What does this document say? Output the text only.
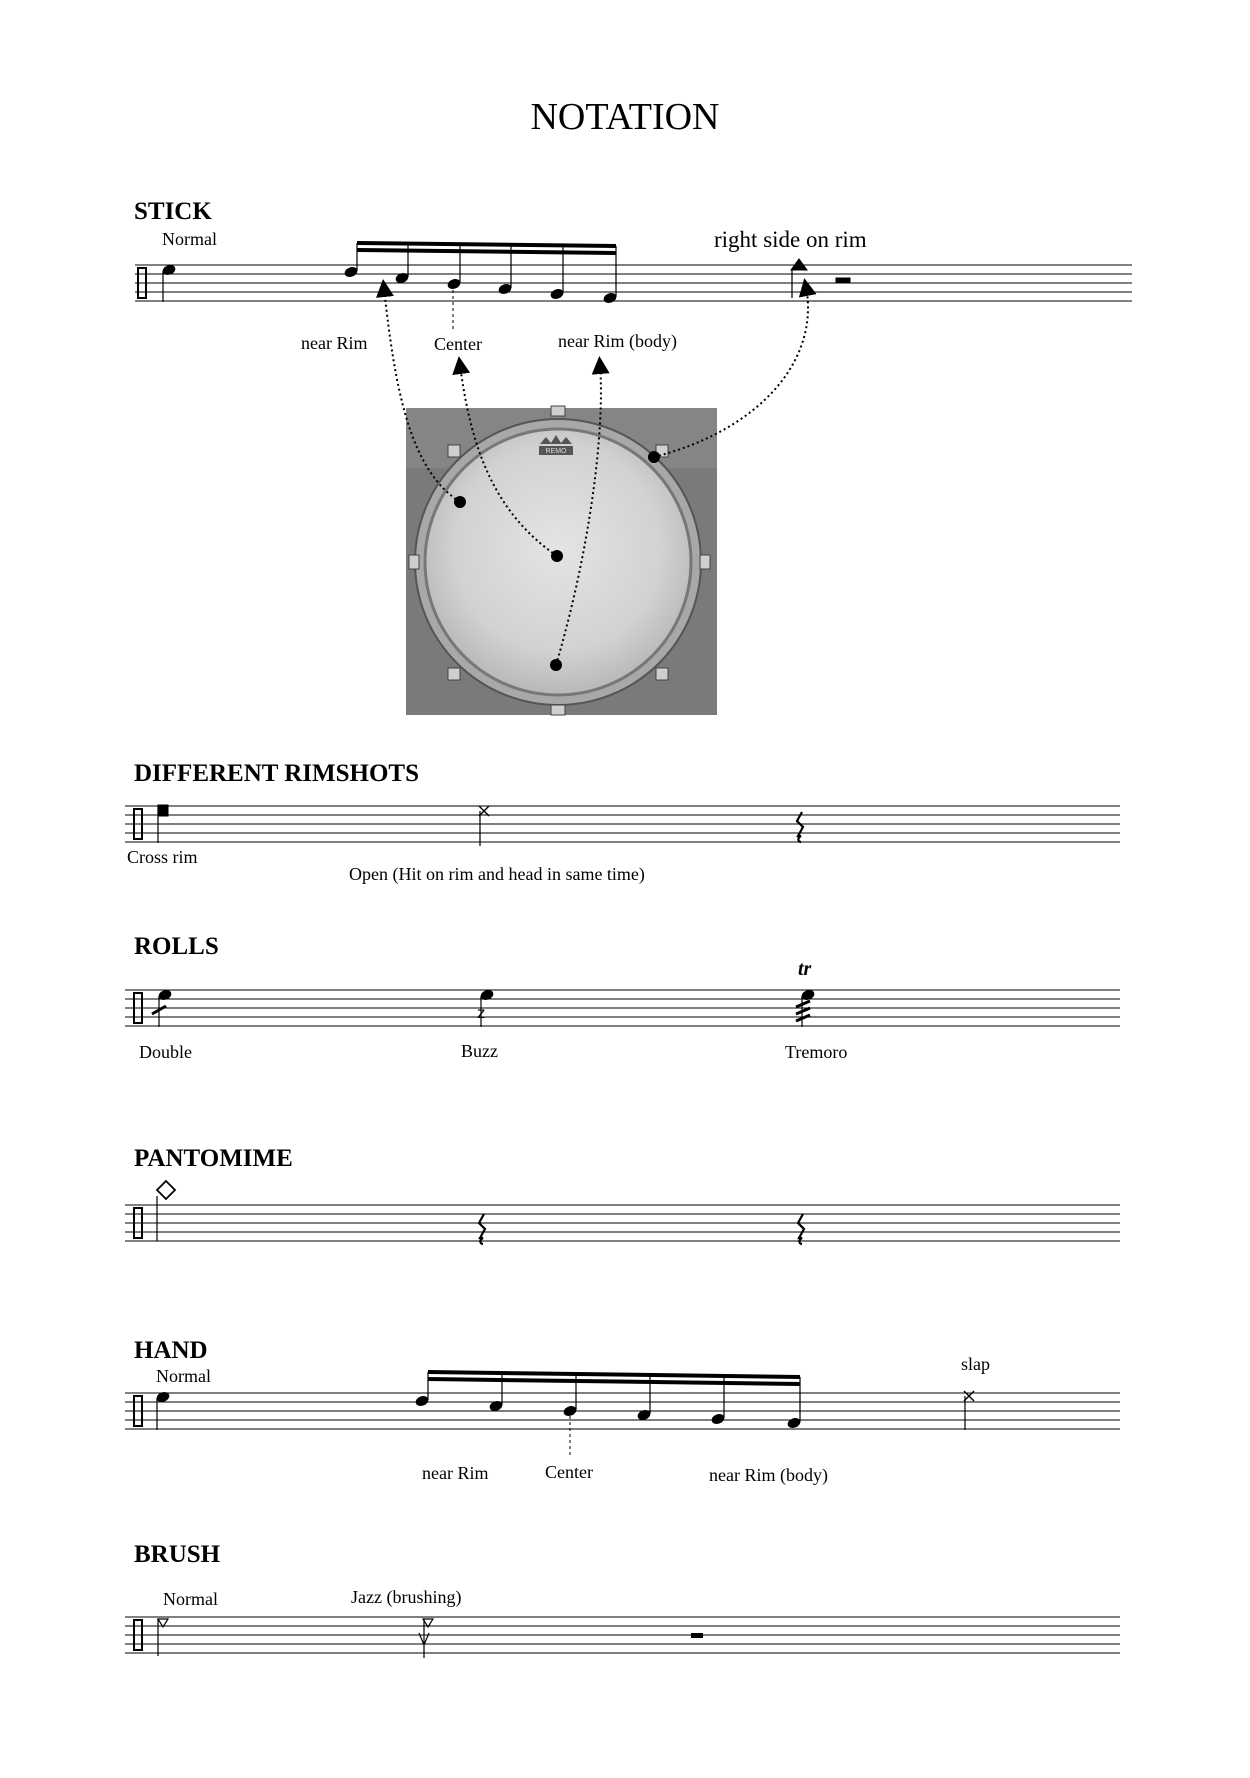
NOTATION
STICK
DIFFERENT RIMSHOTS
ROLLS
PANTOMIME
HAND
BRUSH
Normal	right side on rim
near Rim	Center	near Rim (body)
Cross rim
Open (Hit on rim and head in same time)
Double	Buzz	Tremoro
Normal
slap
near Rim	Center	near Rim (body)
Normal	Jazz (brushing)
REMO
z
tr
